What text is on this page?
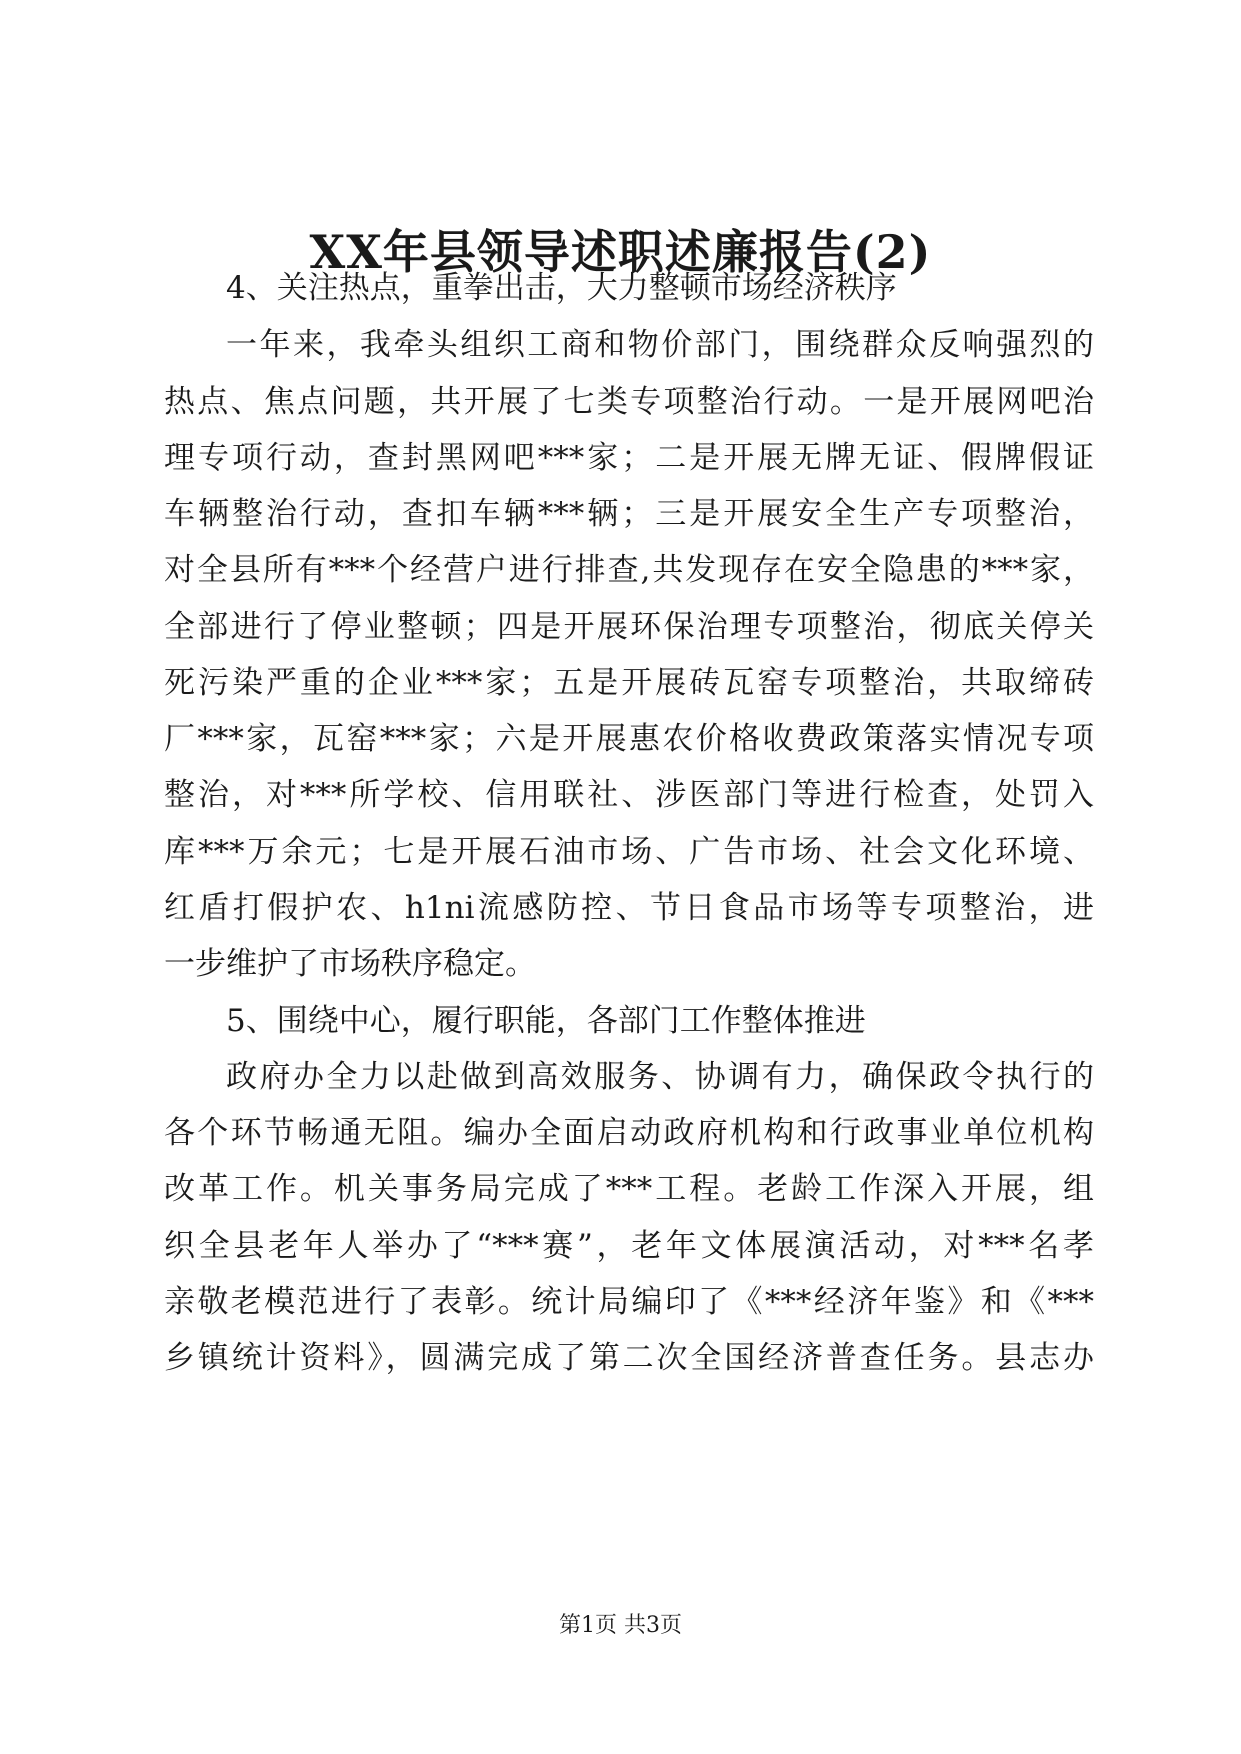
XX年县领导述职述廉报告(2)

4、关注热点，重拳出击，大力整顿市场经济秩序

一年来，我牵头组织工商和物价部门，围绕群众反响强烈的

热点、焦点问题，共开展了七类专项整治行动。一是开展网吧治

理专项行动，查封黑网吧***家；二是开展无牌无证、假牌假证

车辆整治行动，查扣车辆***辆；三是开展安全生产专项整治，

对全县所有***个经营户进行排查,共发现存在安全隐患的***家，

全部进行了停业整顿；四是开展环保治理专项整治，彻底关停关

死污染严重的企业***家；五是开展砖瓦窑专项整治，共取缔砖

厂***家，瓦窑***家；六是开展惠农价格收费政策落实情况专项

整治，对***所学校、信用联社、涉医部门等进行检查，处罚入

库***万余元；七是开展石油市场、广告市场、社会文化环境、

红盾打假护农、h1ni流感防控、节日食品市场等专项整治，进

一步维护了市场秩序稳定。

5、围绕中心，履行职能，各部门工作整体推进

政府办全力以赴做到高效服务、协调有力，确保政令执行的

各个环节畅通无阻。编办全面启动政府机构和行政事业单位机构

改革工作。机关事务局完成了***工程。老龄工作深入开展，组

织全县老年人举办了“***赛”，老年文体展演活动，对***名孝

亲敬老模范进行了表彰。统计局编印了《***经济年鉴》和《***

乡镇统计资料》，圆满完成了第二次全国经济普查任务。县志办

第1页 共3页
